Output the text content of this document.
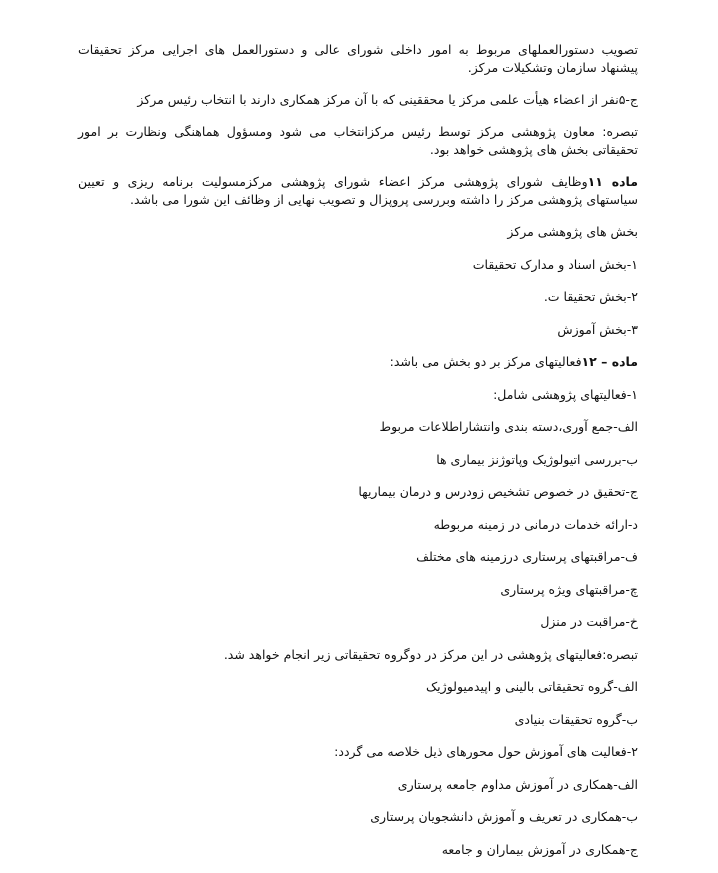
تصویب دستورالعملهای مربوط به امور داخلی شورای عالی و دستورالعمل های اجرایی مرکز تحقیقات پیشنهاد سازمان وتشکیلات مرکز.

ج-۵نفر از اعضاء هیأت علمی مرکز یا محققینی که با آن مرکز همکاری دارند با انتخاب رئیس مرکز

تبصره: معاون پژوهشی مرکز توسط رئیس مرکزانتخاب می شود ومسؤول هماهنگی ونظارت بر امور تحقیقاتی بخش های پژوهشی خواهد بود.

ماده ۱۱وظایف شورای پژوهشی مرکز اعضاء شورای پژوهشی مرکزمسولیت برنامه ریزی و تعیین سیاستهای پژوهشی مرکز را داشته وبررسی پروپزال و تصویب نهایی از وظائف این شورا می باشد.

بخش های پژوهشی مرکز
۱-بخش اسناد و مدارک تحقیقات
۲-بخش تحقیقا ت.
۳-بخش آموزش
ماده – ۱۲فعالیتهای مرکز بر دو بخش می باشد:
۱-فعالیتهای پژوهشی شامل:
الف-جمع آوری،دسته بندی وانتشاراطلاعات مربوط
ب-بررسی اتیولوژیک وپاتوژنز بیماری ها
ج-تحقیق در خصوص تشخیص زودرس و درمان بیماریها
د-ارائه خدمات درمانی در زمینه مربوطه
ف-مراقبتهای پرستاری درزمینه های مختلف
چ-مراقبتهای ویژه پرستاری
خ-مراقبت در منزل
تبصره:فعالیتهای پژوهشی در این مرکز در دوگروه تحقیقاتی زیر انجام خواهد شد.
الف-گروه تحقیقاتی بالینی و اپیدمیولوژیک
ب-گروه تحقیقات بنیادی
۲-فعالیت های آموزش حول محورهای ذیل خلاصه می گردد:
الف-همکاری در آموزش مداوم جامعه پرستاری
ب-همکاری در تعریف و آموزش دانشجویان پرستاری
ج-همکاری در آموزش بیماران و جامعه
